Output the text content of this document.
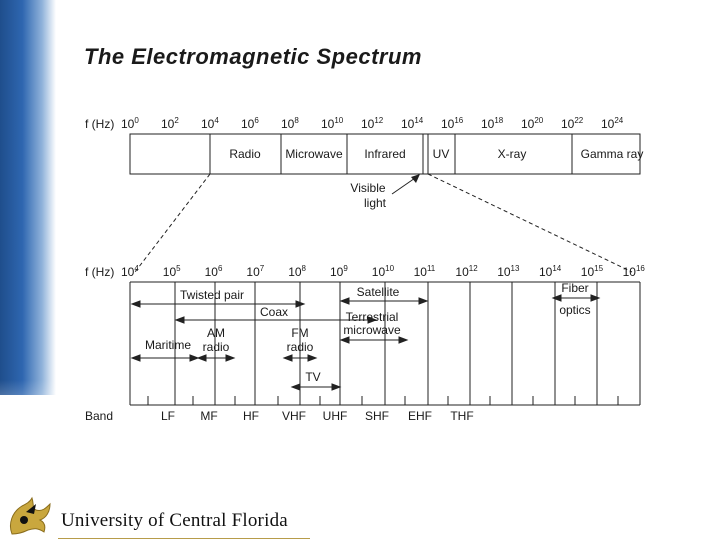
The Electromagnetic Spectrum
f (Hz) $10^0$ $10^2$ $10^4$ $10^6$ $10^8$ $10^{10}$ $10^{12}$ $10^{14}$ $10^{16}$ $10^{18}$ $10^{20}$ $10^{22}$ $10^{24}$
Radio Microwave Infrared UV	X-ray	Gamma ray
Visible
light
f (Hz) $10^4$ $10^5$ $10^6$ $10^7$ $10^8$ $10^9$ $10^{10}$ $10^{11}$ $10^{12}$ $10^{13}$ $10^{14}$ $10^{15}$ $10^{16}$
Twisted pair
Coax
Satellite
Terrestrial
microwave
Fiber
optics
AM
radio
FM
radio
Maritime
TV
Band	LF MF HF VHF UHF SHF EHF THF
University of Central Florida
